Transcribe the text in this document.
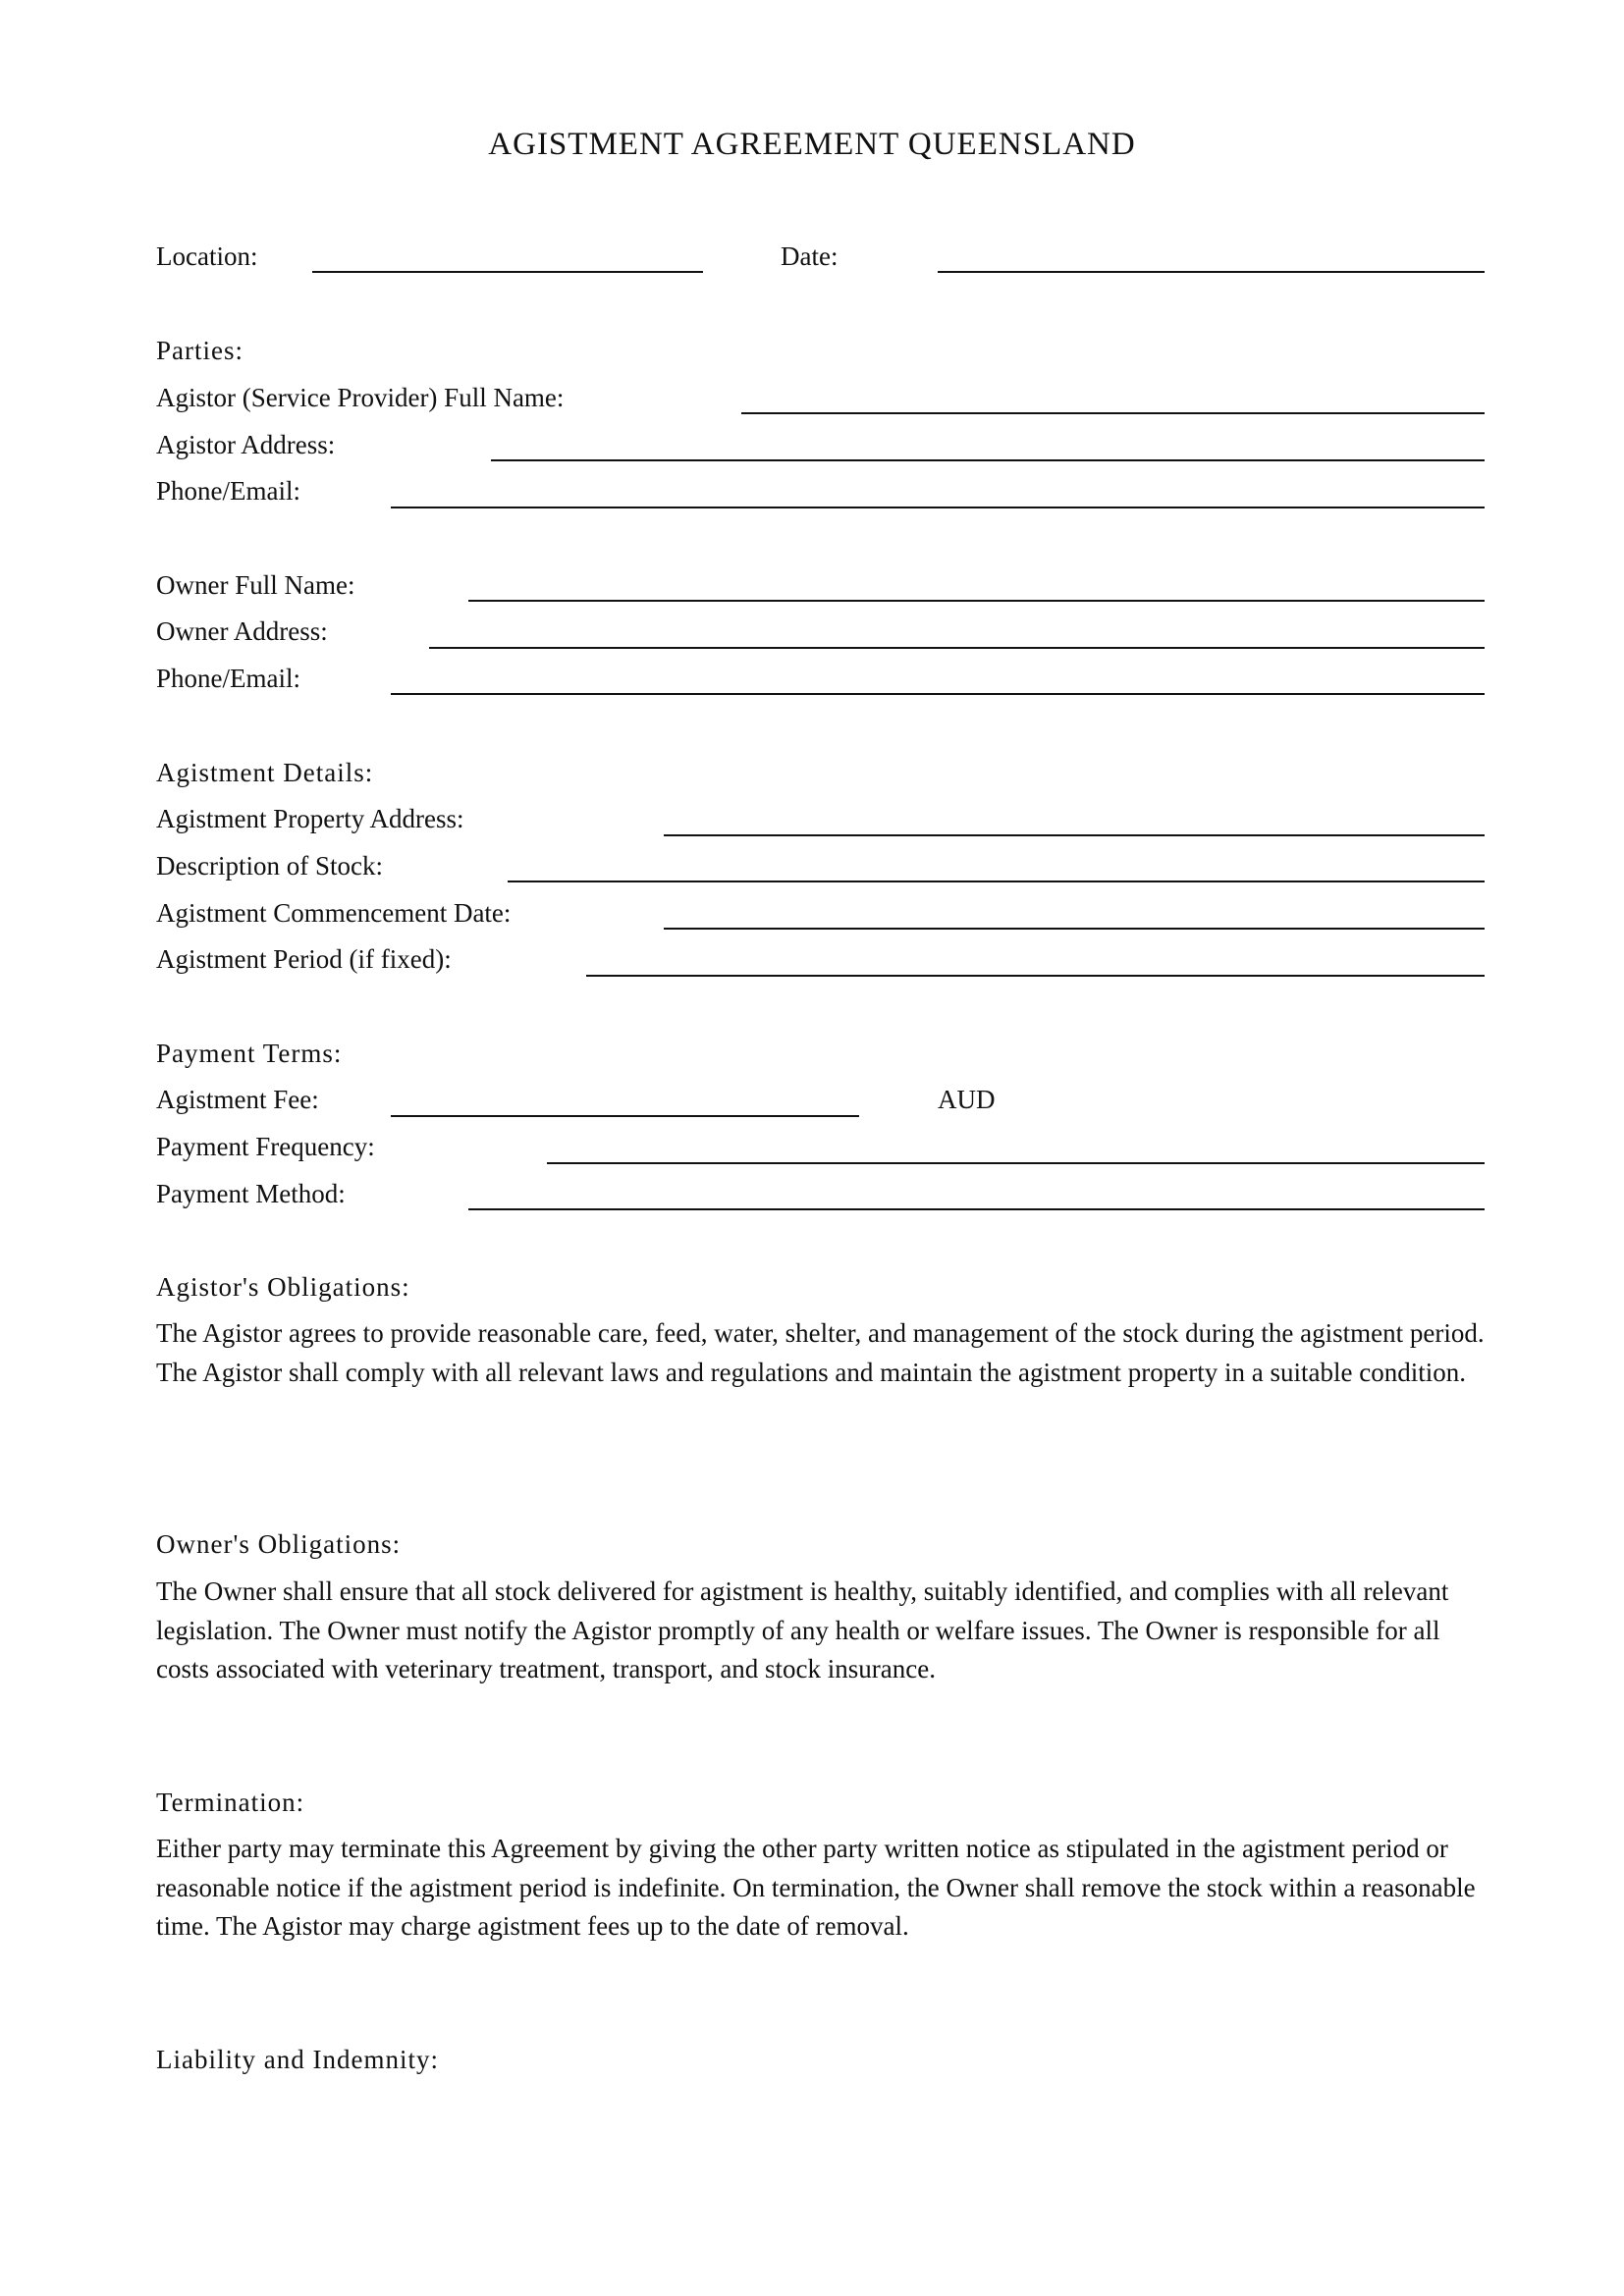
AGISTMENT AGREEMENT QUEENSLAND
Location:	Date:
Parties:
Agistor (Service Provider) Full Name:
Agistor Address:
Phone/Email:
Owner Full Name:
Owner Address:
Phone/Email:
Agistment Details:
Agistment Property Address:
Description of Stock:
Agistment Commencement Date:
Agistment Period (if fixed):
Payment Terms:
Agistment Fee:	AUD
Payment Frequency:
Payment Method:
Agistor's Obligations:
The Agistor agrees to provide reasonable care, feed, water, shelter, and management of the stock during the agistment period. The Agistor shall comply with all relevant laws and regulations and maintain the agistment property in a suitable condition.
Owner's Obligations:
The Owner shall ensure that all stock delivered for agistment is healthy, suitably identified, and complies with all relevant legislation. The Owner must notify the Agistor promptly of any health or welfare issues. The Owner is responsible for all costs associated with veterinary treatment, transport, and stock insurance.
Termination:
Either party may terminate this Agreement by giving the other party written notice as stipulated in the agistment period or reasonable notice if the agistment period is indefinite. On termination, the Owner shall remove the stock within a reasonable time. The Agistor may charge agistment fees up to the date of removal.
Liability and Indemnity:
